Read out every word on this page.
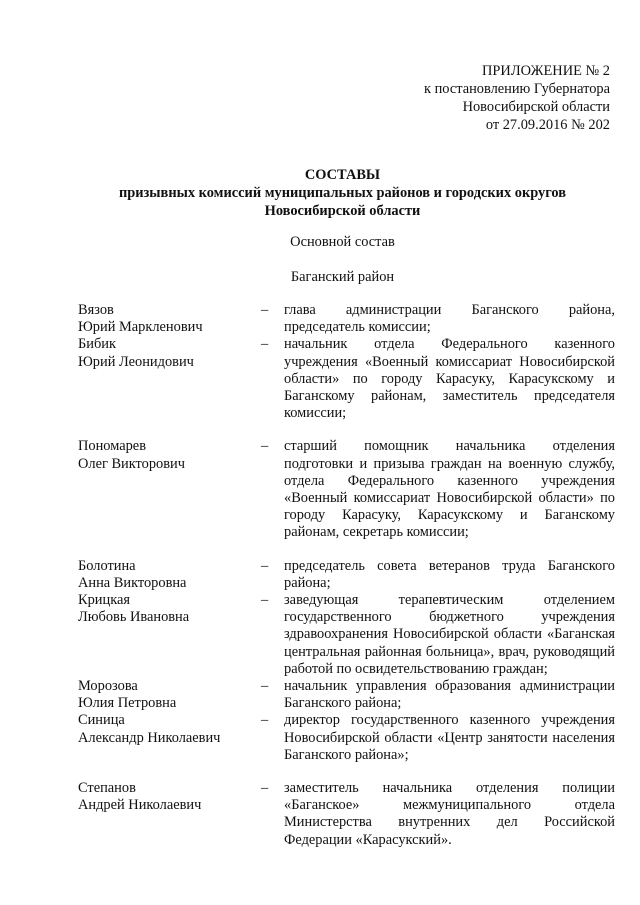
ПРИЛОЖЕНИЕ № 2
к постановлению Губернатора
Новосибирской области
от 27.09.2016 № 202
СОСТАВЫ
призывных комиссий муниципальных районов и городских округов
Новосибирской области
Основной состав
Баганский район
Вязов
Юрий Маркленович
–	глава администрации Баганского района, председатель комиссии;
Бибик
Юрий Леонидович
–	начальник отдела Федерального казенного учреждения «Военный комиссариат Новосибирской области» по городу Карасуку, Карасукскому и Баганскому районам, заместитель председателя комиссии;
Пономарев
Олег Викторович
–	старший помощник начальника отделения подготовки и призыва граждан на военную службу, отдела Федерального казенного учреждения «Военный комиссариат Новосибирской области» по городу Карасуку, Карасукскому и Баганскому районам, секретарь комиссии;
Болотина
Анна Викторовна
–	председатель совета ветеранов труда Баганского района;
Крицкая
Любовь Ивановна
–	заведующая терапевтическим отделением государственного бюджетного учреждения здравоохранения Новосибирской области «Баганская центральная районная больница», врач, руководящий работой по освидетельствованию граждан;
Морозова
Юлия Петровна
–	начальник управления образования администрации Баганского района;
Синица
Александр Николаевич
–	директор государственного казенного учреждения Новосибирской области «Центр занятости населения Баганского района»;
Степанов
Андрей Николаевич
–	заместитель начальника отделения полиции «Баганское» межмуниципального отдела Министерства внутренних дел Российской Федерации «Карасукский».
